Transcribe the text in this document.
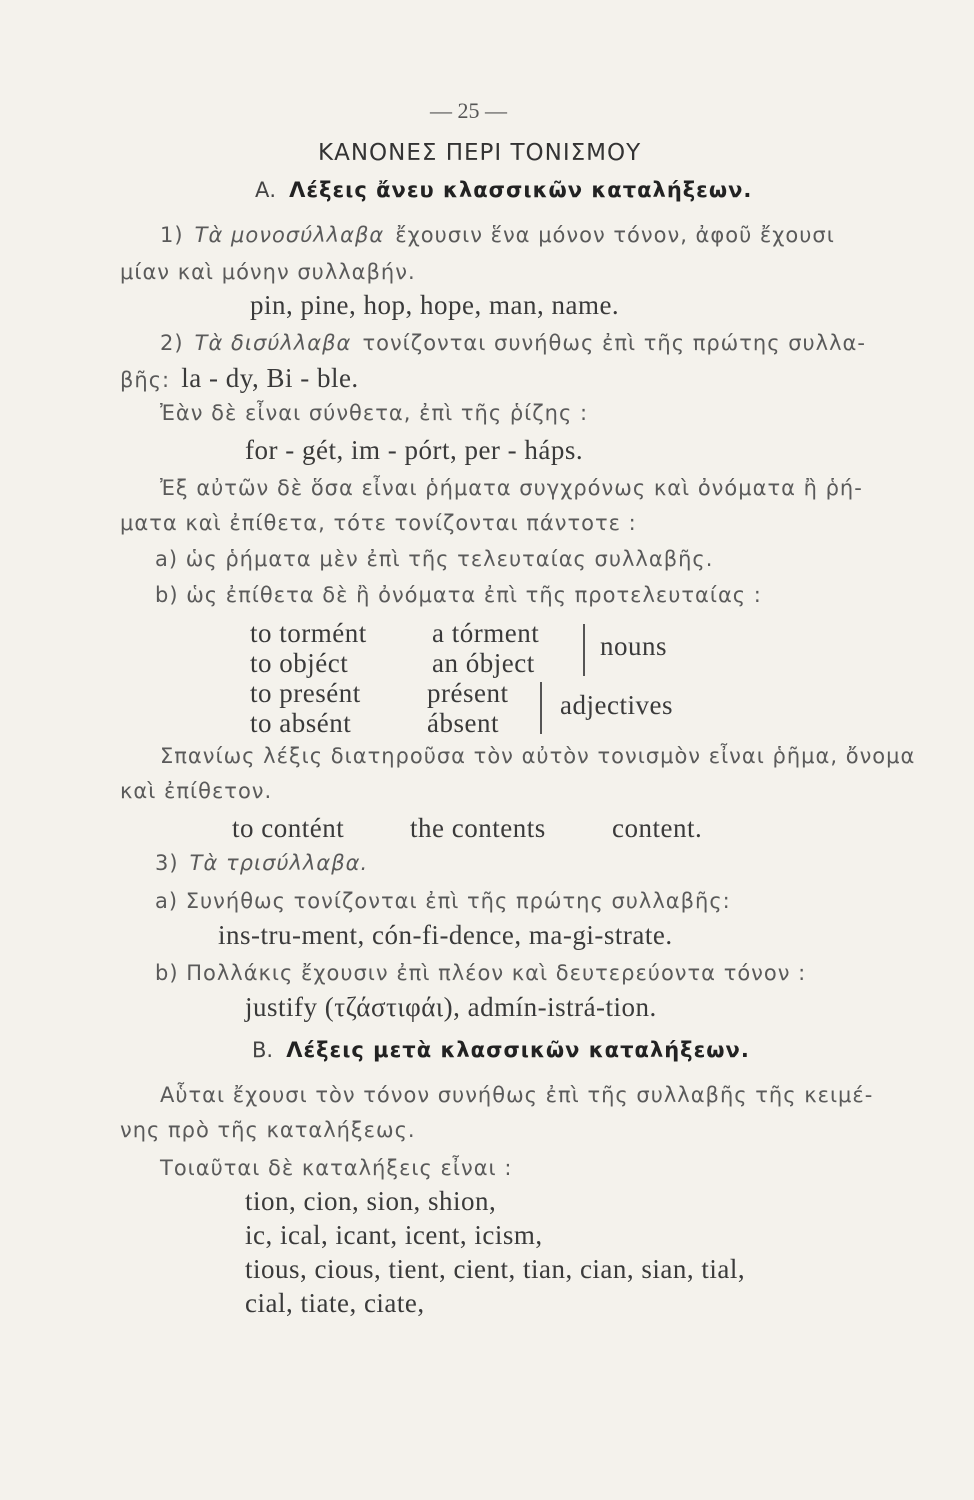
— 25 —
ΚΑΝΟΝΕΣ ΠΕΡΙ ΤΟΝΙΣΜΟΥ
Α. Λέξεις ἄνευ κλασσικῶν καταλήξεων.
1) Τὰ μονοσύλλαβα ἔχουσιν ἕνα μόνον τόνον, ἀφοῦ ἔχουσι
μίαν καὶ μόνην συλλαβήν.
pin, pine, hop, hope, man, name.
2) Τὰ δισύλλαβα τονίζονται συνήθως ἐπὶ τῆς πρώτης συλλα-
βῆς: la - dy, Bi - ble.
Ἐὰν δὲ εἶναι σύνθετα, ἐπὶ τῆς ῥίζης :
for - gét, im - pórt, per - háps.
Ἐξ αὐτῶν δὲ ὅσα εἶναι ῥήματα συγχρόνως καὶ ὀνόματα ἢ ῥή-
ματα καὶ ἐπίθετα, τότε τονίζονται πάντοτε :
a) ὡς ῥήματα μὲν ἐπὶ τῆς τελευταίας συλλαβῆς.
b) ὡς ἐπίθετα δὲ ἢ ὀνόματα ἐπὶ τῆς προτελευταίας :
to tormént a tórment
to objéct	an óbject
nouns
to presént présent
to absént	ábsent
adjectives
Σπανίως λέξις διατηροῦσα τὸν αὐτὸν τονισμὸν εἶναι ῥῆμα, ὄνομα
καὶ ἐπίθετον.
to contént the contents content.
3) Τὰ τρισύλλαβα.
a) Συνήθως τονίζονται ἐπὶ τῆς πρώτης συλλαβῆς:
ins-tru-ment, cón-fi-dence, ma-gi-strate.
b) Πολλάκις ἔχουσιν ἐπὶ πλέον καὶ δευτερεύοντα τόνον :
justify (τζάστιφάι), admín-istrá-tion.
Β. Λέξεις μετὰ κλασσικῶν καταλήξεων.
Αὗται ἔχουσι τὸν τόνον συνήθως ἐπὶ τῆς συλλαβῆς τῆς κειμέ-
νης πρὸ τῆς καταλήξεως.
Τοιαῦται δὲ καταλήξεις εἶναι :
tion, cion, sion, shion,
ic, ical, icant, icent, icism,
tious, cious, tient, cient, tian, cian, sian, tial,
cial, tiate, ciate,
